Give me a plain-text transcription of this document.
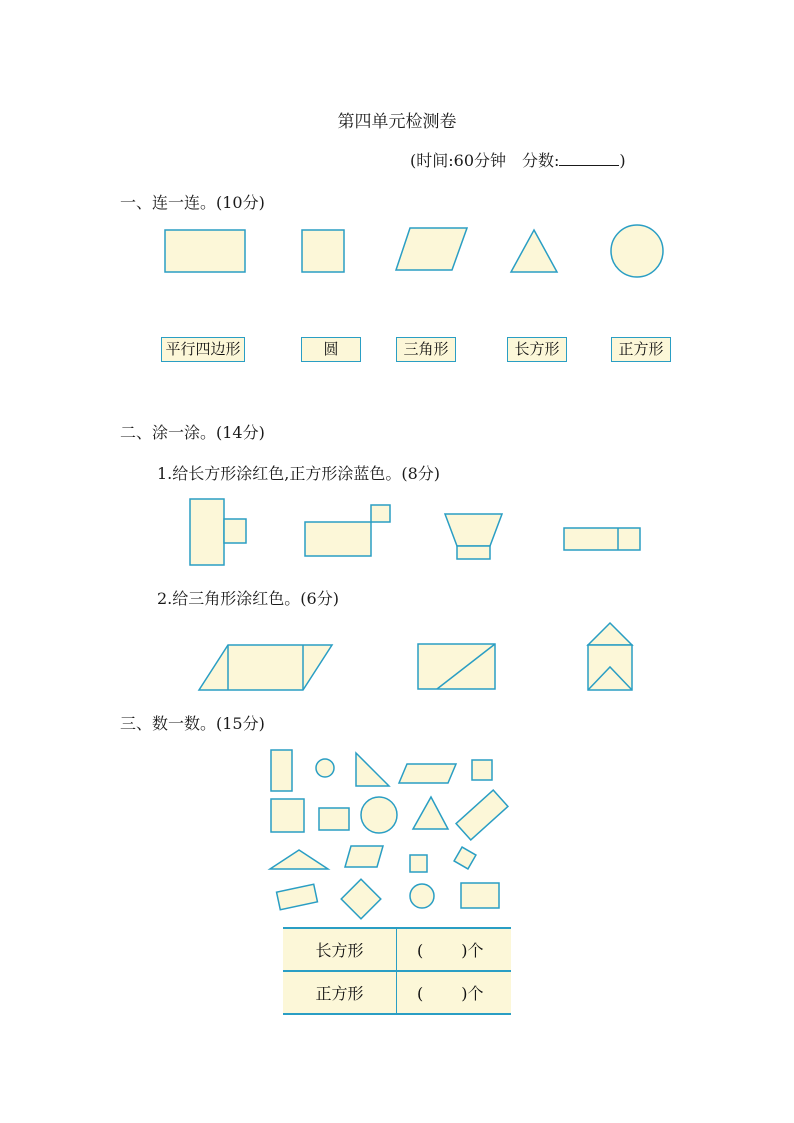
第四单元检测卷
(时间:60分钟　分数:	)
一、连一连。(10分)
平行四边形	圆	三角形	长方形	正方形
二、涂一涂。(14分)
1.给长方形涂红色,正方形涂蓝色。(8分)
2.给三角形涂红色。(6分)
三、数一数。(15分)
长方形	( )个
正方形	( )个
